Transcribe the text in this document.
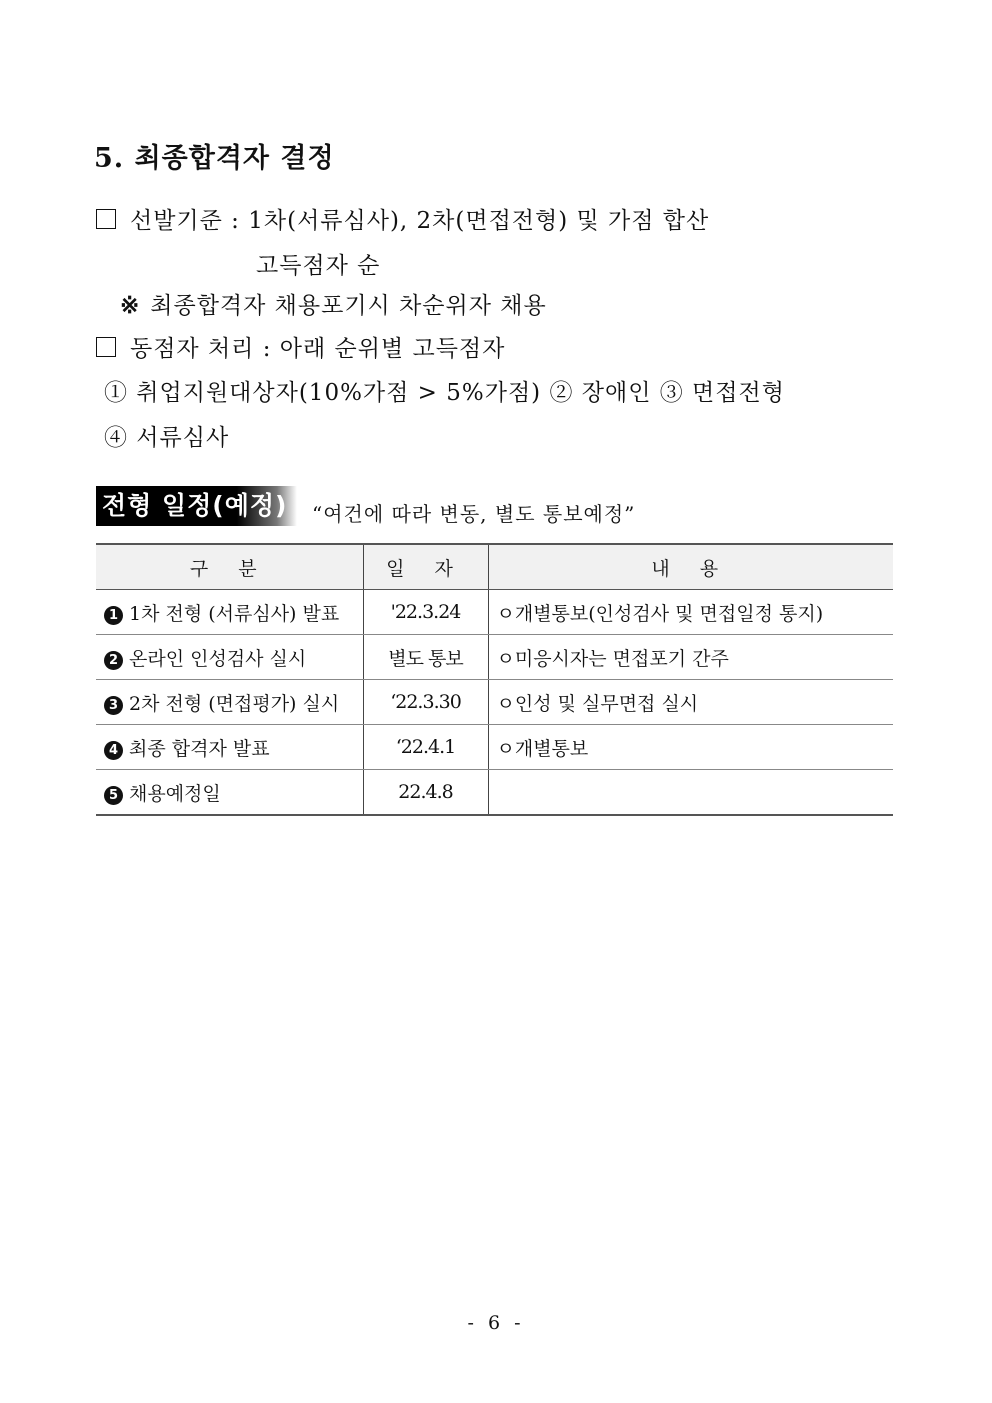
5. 최종합격자 결정
선발기준 : 1차(서류심사), 2차(면접전형) 및 가점 합산
고득점자 순
※ 최종합격자 채용포기시 차순위자 채용
동점자 처리 : 아래 순위별 고득점자
① 취업지원대상자(10%가점 > 5%가점) ② 장애인 ③ 면접전형
④ 서류심사
전형 일정(예정)	“여건에 따라 변동, 별도 통보예정”
구 분	일 자	내 용
1 1차 전형 (서류심사) 발표	'22.3.24	ㅇ개별통보(인성검사 및 면접일정 통지)
2 온라인 인성검사 실시	별도 통보	ㅇ미응시자는 면접포기 간주
3 2차 전형 (면접평가) 실시	‘22.3.30	ㅇ인성 및 실무면접 실시
4 최종 합격자 발표	‘22.4.1	ㅇ개별통보
5 채용예정일	22.4.8	
- 6 -
